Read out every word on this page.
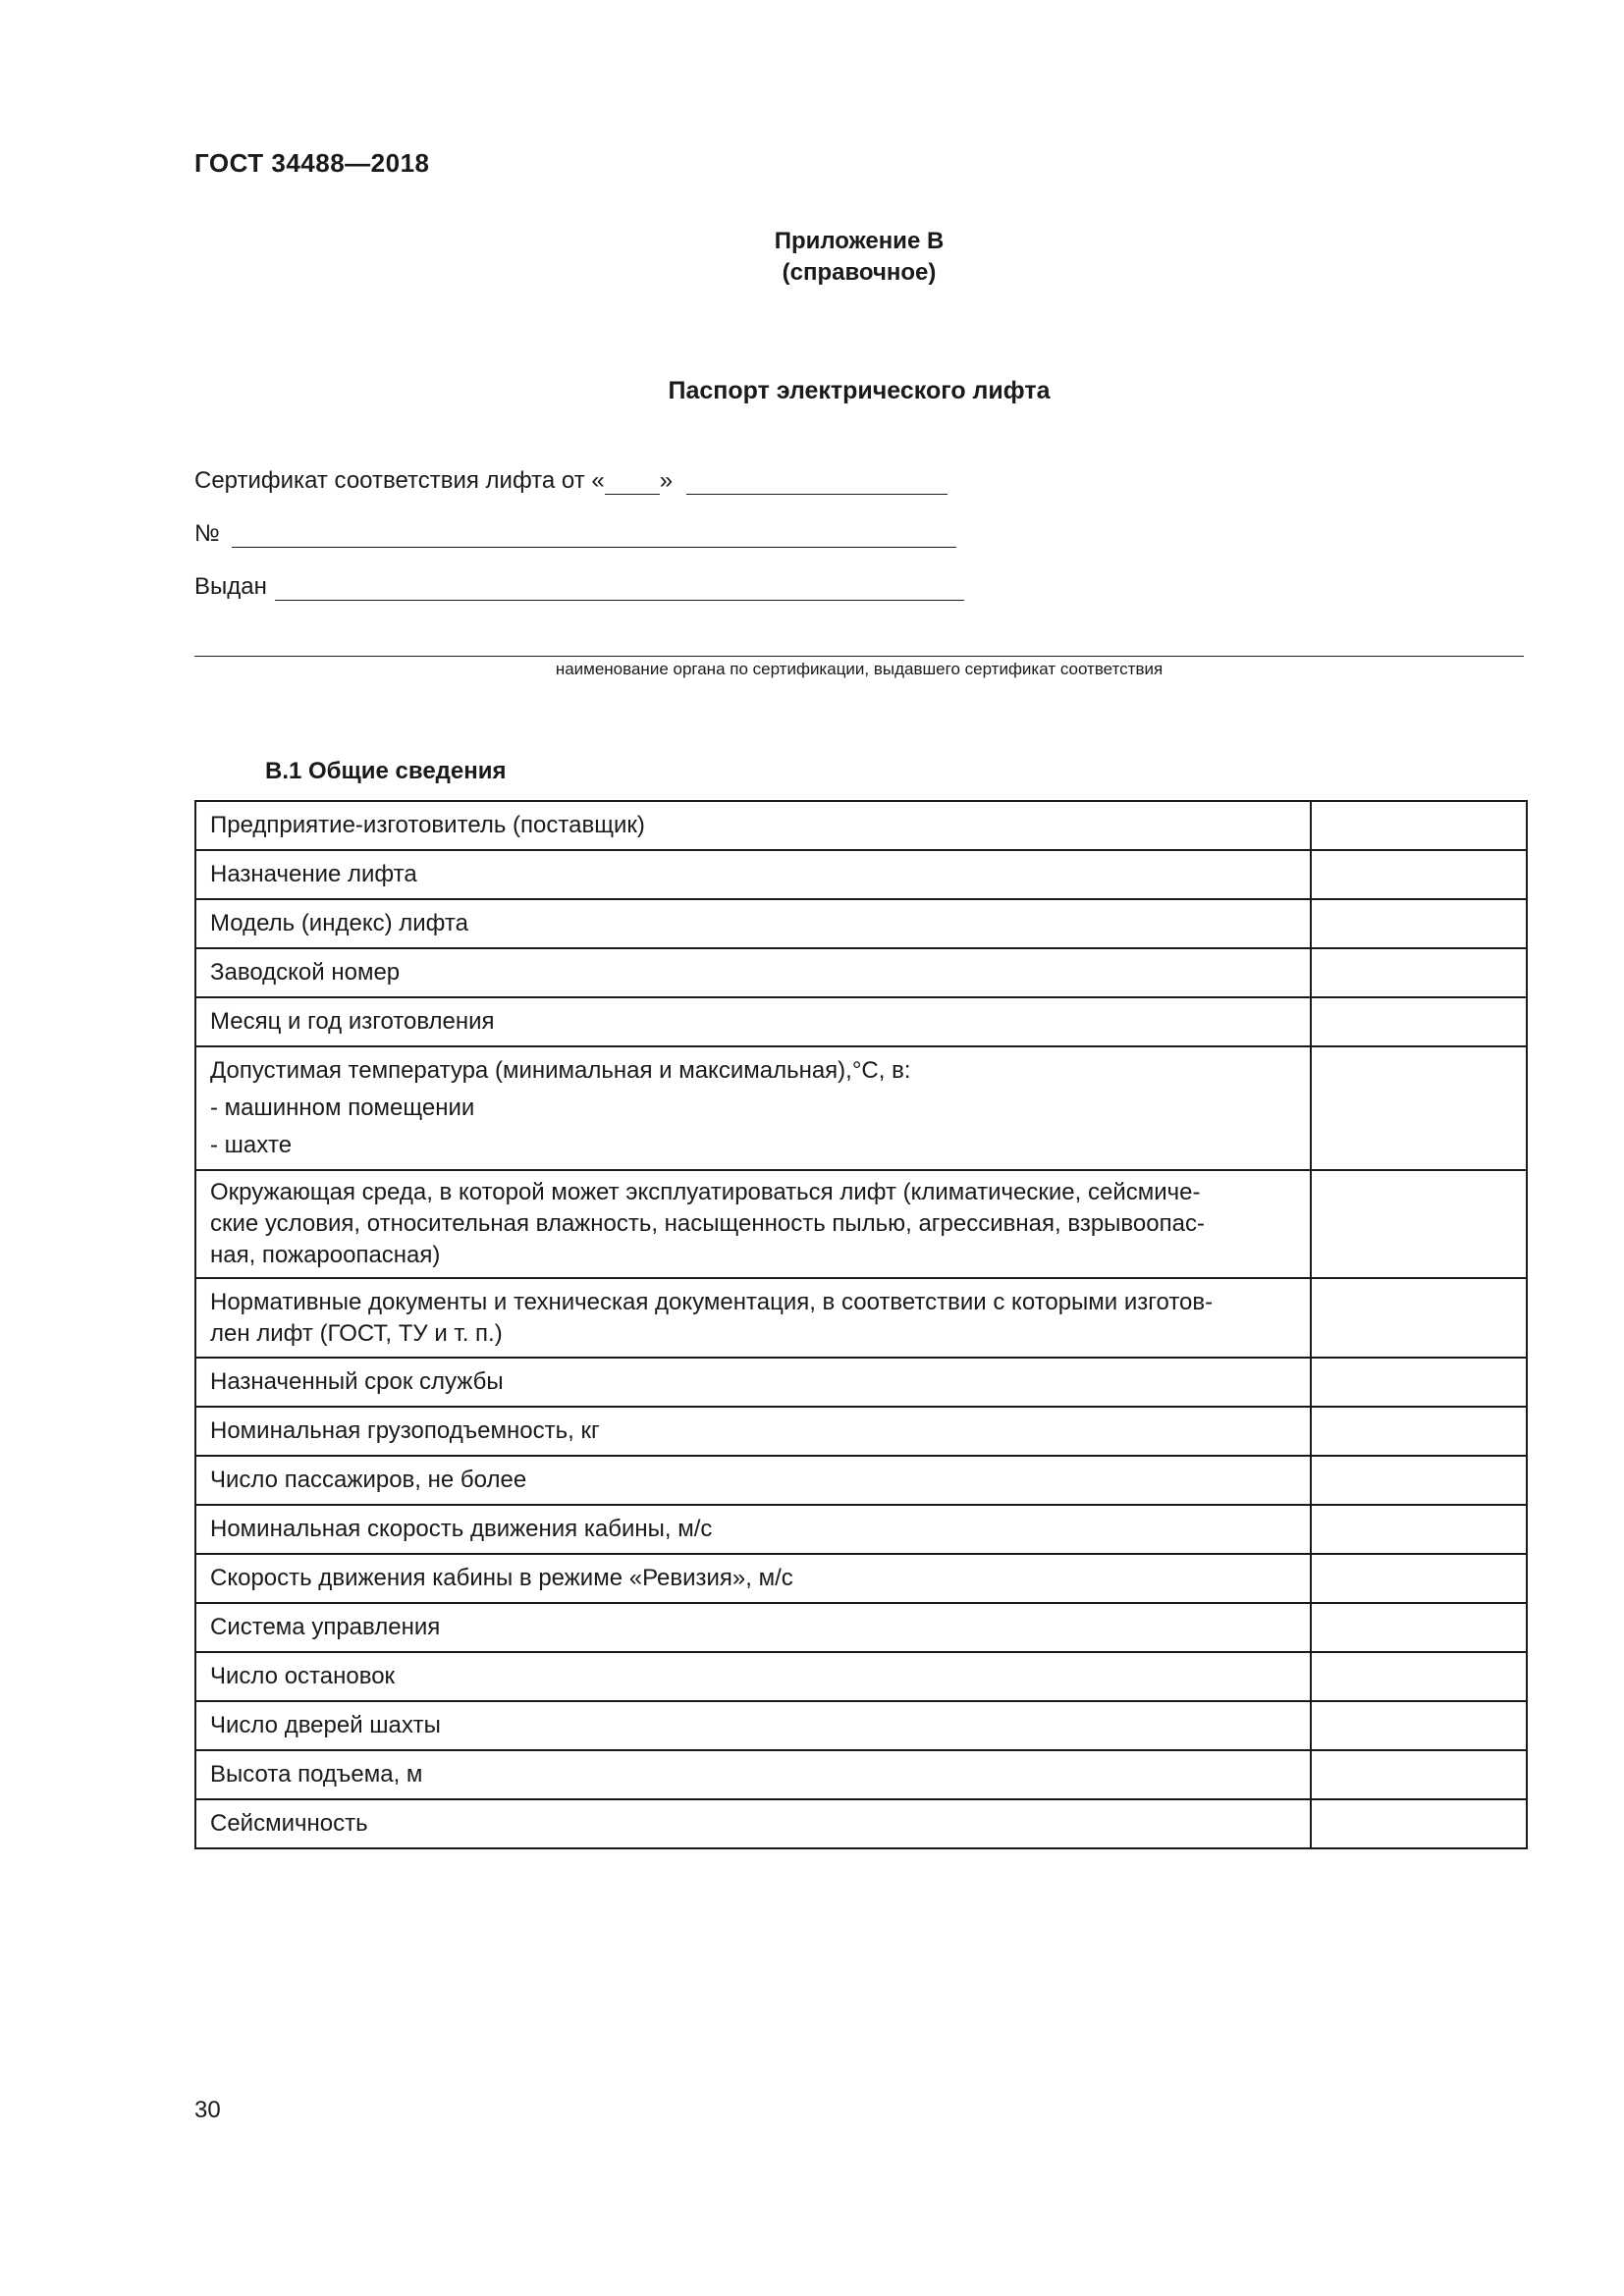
ГОСТ 34488—2018
Приложение В
(справочное)
Паспорт электрического лифта
Сертификат соответствия лифта от « »
№
Выдан
наименование органа по сертификации, выдавшего сертификат соответствия
В.1 Общие сведения
Предприятие-изготовитель (поставщик)	
Назначение лифта	
Модель (индекс) лифта	
Заводской номер	
Месяц и год изготовления	

Допустимая температура (минимальная и максимальная),°С, в:
- машинном помещении
- шахте	

Окружающая среда, в которой может эксплуатироваться лифт (климатические, сейсмиче-
ские условия, относительная влажность, насыщенность пылью, агрессивная, взрывоопас-
ная, пожароопасная)	

Нормативные документы и техническая документация, в соответствии с которыми изготов-
лен лифт (ГОСТ, ТУ и т. п.)	

Назначенный срок службы	
Номинальная грузоподъемность, кг	
Число пассажиров, не более	
Номинальная скорость движения кабины, м/с	
Скорость движения кабины в режиме «Ревизия», м/с	
Система управления	
Число остановок	
Число дверей шахты	
Высота подъема, м	
Сейсмичность	
30
